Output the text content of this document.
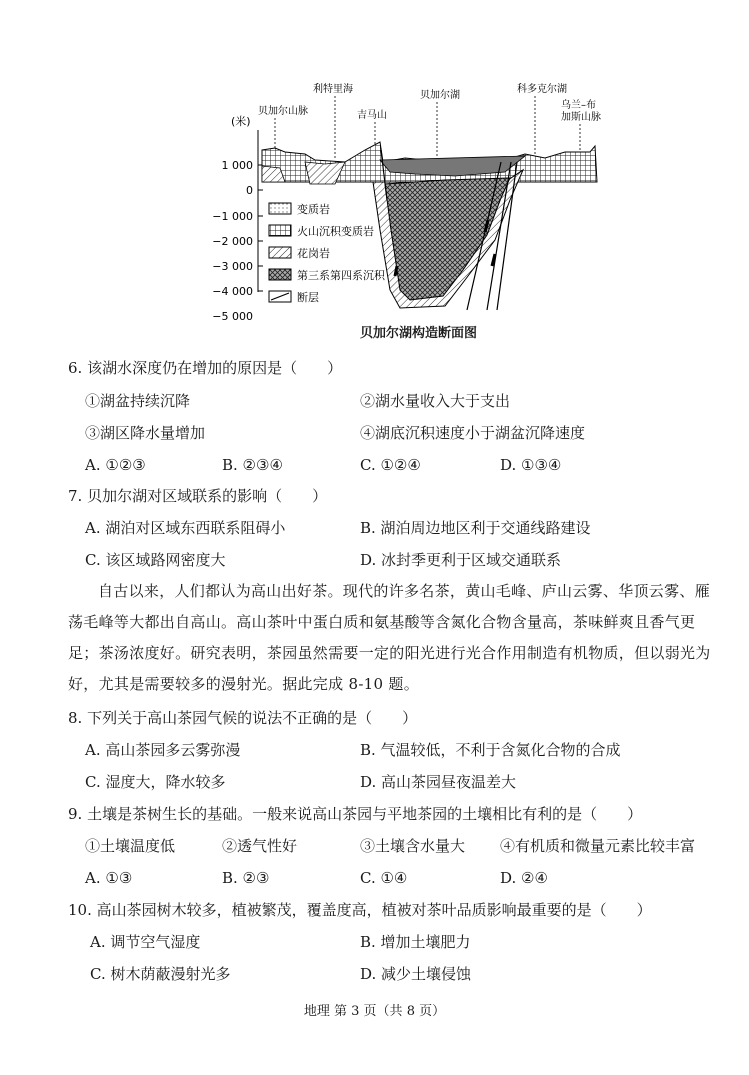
(米)
1 000
0
−1 000
−2 000
−3 000
−4 000
−5 000
贝加尔山脉
利特里海
吉马山
贝加尔湖
科多克尔湖
乌兰–布
加斯山脉
变质岩
火山沉积变质岩
花岗岩
第三系第四系沉积
断层
贝加尔湖构造断面图
6. 该湖水深度仍在增加的原因是（　　）
①湖盆持续沉降	②湖水量收入大于支出
③湖区降水量增加	④湖底沉积速度小于湖盆沉降速度
A. ①②③	B. ②③④	C. ①②④	D. ①③④
7. 贝加尔湖对区域联系的影响（　　）
A. 湖泊对区域东西联系阻碍小	B. 湖泊周边地区利于交通线路建设
C. 该区域路网密度大	D. 冰封季更利于区域交通联系
自古以来，人们都认为高山出好茶。现代的许多名茶，黄山毛峰、庐山云雾、华顶云雾、雁荡毛峰等大都出自高山。高山茶叶中蛋白质和氨基酸等含氮化合物含量高，茶味鲜爽且香气更足；茶汤浓度好。研究表明，茶园虽然需要一定的阳光进行光合作用制造有机物质，但以弱光为好，尤其是需要较多的漫射光。据此完成 8-10 题。
8. 下列关于高山茶园气候的说法不正确的是（　　）
A. 高山茶园多云雾弥漫	B. 气温较低，不利于含氮化合物的合成
C. 湿度大，降水较多	D. 高山茶园昼夜温差大
9. 土壤是茶树生长的基础。一般来说高山茶园与平地茶园的土壤相比有利的是（　　）
①土壤温度低	②透气性好	③土壤含水量大 ④有机质和微量元素比较丰富
A. ①③	B. ②③	C. ①④	D. ②④
10. 高山茶园树木较多，植被繁茂，覆盖度高，植被对茶叶品质影响最重要的是（　　）
A. 调节空气湿度	B. 增加土壤肥力
C. 树木荫蔽漫射光多	D. 减少土壤侵蚀
地理 第 3 页（共 8 页）
